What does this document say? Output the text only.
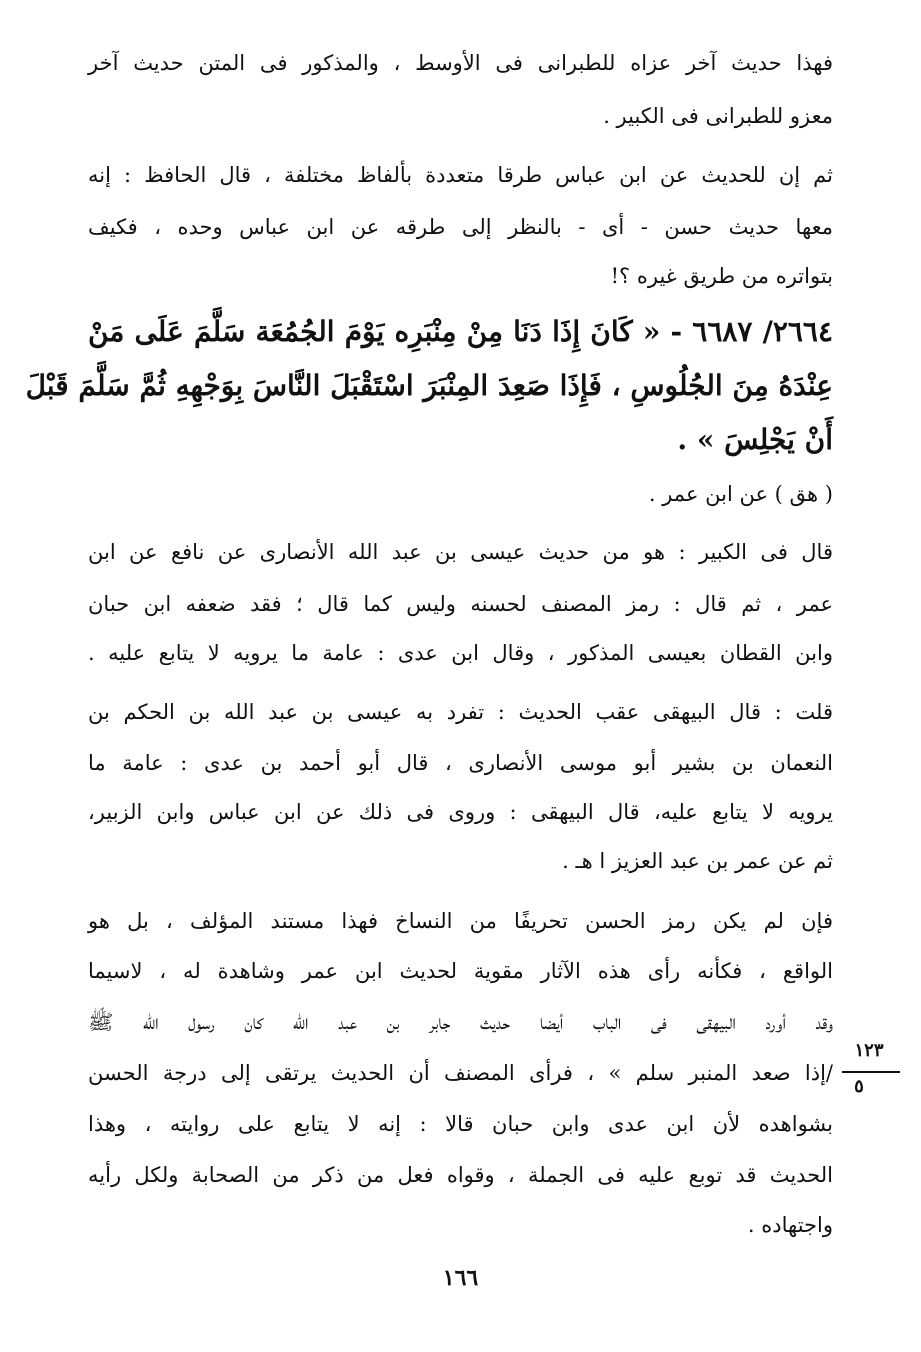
فهذا حديث آخر عزاه للطبرانى فى الأوسط ، والمذكور فى المتن حديث آخر
معزو للطبرانى فى الكبير .
ثم إن للحديث عن ابن عباس طرقا متعددة بألفاظ مختلفة ، قال الحافظ : إنه
معها حديث حسن - أى - بالنظر إلى طرقه عن ابن عباس وحده ، فكيف
بتواتره من طريق غيره ؟!
٢٦٦٤/ ٦٦٨٧ - « كَانَ إِذَا دَنَا مِنْ مِنْبَرِه يَوْمَ الجُمُعَة سَلَّمَ عَلَى مَنْ
عِنْدَهُ مِنَ الجُلُوسِ ، فَإِذَا صَعِدَ المِنْبَرَ اسْتَقْبَلَ النَّاسَ بِوَجْهِهِ ثُمَّ سَلَّمَ قَبْلَ
أَنْ يَجْلِسَ » .
( هق ) عن ابن عمر .
قال فى الكبير : هو من حديث عيسى بن عبد الله الأنصارى عن نافع عن ابن
عمر ، ثم قال : رمز المصنف لحسنه وليس كما قال ؛ فقد ضعفه ابن حبان
وابن القطان بعيسى المذكور ، وقال ابن عدى : عامة ما يرويه لا يتابع عليه .
قلت : قال البيهقى عقب الحديث : تفرد به عيسى بن عبد الله بن الحكم بن
النعمان بن بشير أبو موسى الأنصارى ، قال أبو أحمد بن عدى : عامة ما
يرويه لا يتابع عليه، قال البيهقى : وروى فى ذلك عن ابن عباس وابن الزبير،
ثم عن عمر بن عبد العزيز ا هـ .
فإن لم يكن رمز الحسن تحريفًا من النساخ فهذا مستند المؤلف ، بل هو
الواقع ، فكأنه رأى هذه الآثار مقوية لحديث ابن عمر وشاهدة له ، لاسيما
وقد أورد البيهقى فى الباب أيضا حديث جابر بن عبد الله كان رسول الله ﷺ
/إذا صعد المنبر سلم » ، فرأى المصنف أن الحديث يرتقى إلى درجة الحسن
بشواهده لأن ابن عدى وابن حبان قالا : إنه لا يتابع على روايته ، وهذا
الحديث قد توبع عليه فى الجملة ، وقواه فعل من ذكر من الصحابة ولكل رأيه
واجتهاده .
١٢٣
٥
١٦٦
